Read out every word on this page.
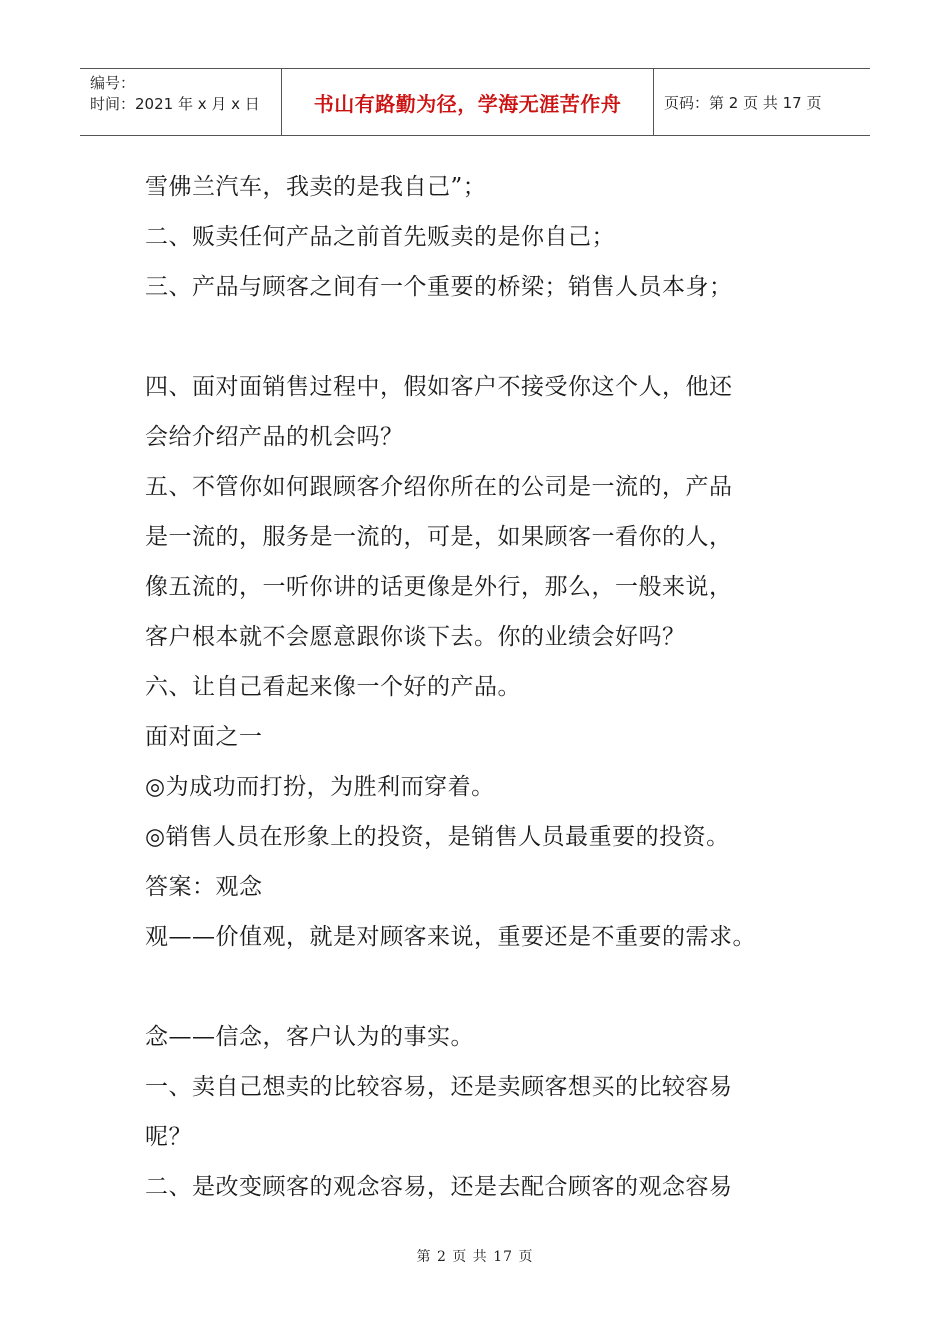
编号：
时间：2021 年 x 月 x 日	书山有路勤为径，学海无涯苦作舟	页码：第 2 页 共 17 页

雪佛兰汽车，我卖的是我自己”；

二、贩卖任何产品之前首先贩卖的是你自己；

三、产品与顾客之间有一个重要的桥梁；销售人员本身；

四、面对面销售过程中，假如客户不接受你这个人，他还

会给介绍产品的机会吗？

五、不管你如何跟顾客介绍你所在的公司是一流的，产品

是一流的，服务是一流的，可是，如果顾客一看你的人，

像五流的，一听你讲的话更像是外行，那么，一般来说，

客户根本就不会愿意跟你谈下去。你的业绩会好吗？

六、让自己看起来像一个好的产品。

面对面之一

◎为成功而打扮，为胜利而穿着。

◎销售人员在形象上的投资，是销售人员最重要的投资。

答案：观念

观——价值观，就是对顾客来说，重要还是不重要的需求。

念——信念，客户认为的事实。

一、卖自己想卖的比较容易，还是卖顾客想买的比较容易

呢？

二、是改变顾客的观念容易，还是去配合顾客的观念容易

第 2 页 共 17 页
